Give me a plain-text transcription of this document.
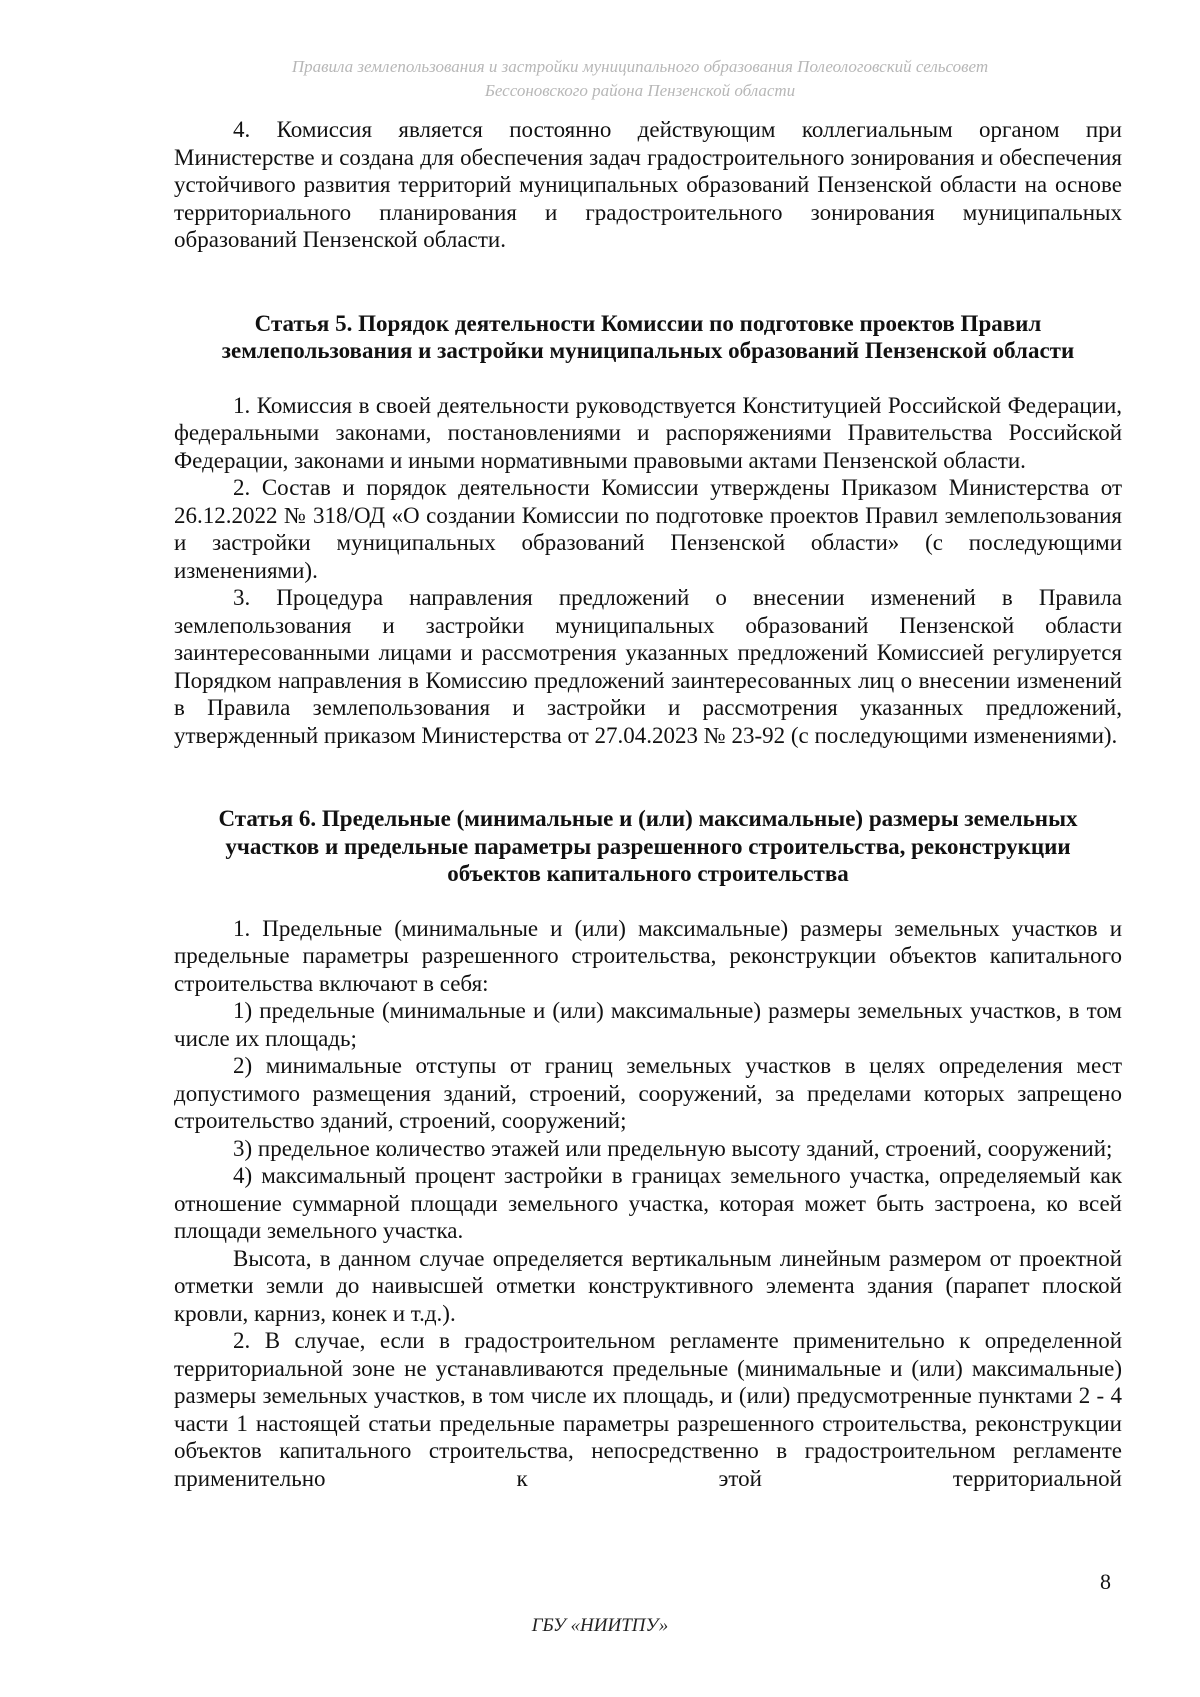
Правила землепользования и застройки муниципального образования Полеологовский сельсовет
Бессоновского района Пензенской области

4. Комиссия является постоянно действующим коллегиальным органом при Министерстве и создана для обеспечения задач градостроительного зонирования и обеспечения устойчивого развития территорий муниципальных образований Пензенской области на основе территориального планирования и градостроительного зонирования муниципальных образований Пензенской области.

Статья 5. Порядок деятельности Комиссии по подготовке проектов Правил
землепользования и застройки муниципальных образований Пензенской области

1. Комиссия в своей деятельности руководствуется Конституцией Российской Федерации, федеральными законами, постановлениями и распоряжениями Правительства Российской Федерации, законами и иными нормативными правовыми актами Пензенской области.

2. Состав и порядок деятельности Комиссии утверждены Приказом Министерства от 26.12.2022 № 318/ОД «О создании Комиссии по подготовке проектов Правил землепользования и застройки муниципальных образований Пензенской области» (с последующими изменениями).

3. Процедура направления предложений о внесении изменений в Правила землепользования и застройки муниципальных образований Пензенской области заинтересованными лицами и рассмотрения указанных предложений Комиссией регулируется Порядком направления в Комиссию предложений заинтересованных лиц о внесении изменений в Правила землепользования и застройки и рассмотрения указанных предложений, утвержденный приказом Министерства от 27.04.2023 № 23-92 (с последующими изменениями).

Статья 6. Предельные (минимальные и (или) максимальные) размеры земельных
участков и предельные параметры разрешенного строительства, реконструкции
объектов капитального строительства

1. Предельные (минимальные и (или) максимальные) размеры земельных участков и предельные параметры разрешенного строительства, реконструкции объектов капитального строительства включают в себя:

1) предельные (минимальные и (или) максимальные) размеры земельных участков, в том числе их площадь;

2) минимальные отступы от границ земельных участков в целях определения мест допустимого размещения зданий, строений, сооружений, за пределами которых запрещено строительство зданий, строений, сооружений;

3) предельное количество этажей или предельную высоту зданий, строений, сооружений;

4) максимальный процент застройки в границах земельного участка, определяемый как отношение суммарной площади земельного участка, которая может быть застроена, ко всей площади земельного участка.

Высота, в данном случае определяется вертикальным линейным размером от проектной отметки земли до наивысшей отметки конструктивного элемента здания (парапет плоской кровли, карниз, конек и т.д.).

2. В случае, если в градостроительном регламенте применительно к определенной территориальной зоне не устанавливаются предельные (минимальные и (или) максимальные) размеры земельных участков, в том числе их площадь, и (или) предусмотренные пунктами 2 - 4 части 1 настоящей статьи предельные параметры разрешенного строительства, реконструкции объектов капитального строительства, непосредственно в градостроительном регламенте применительно к этой территориальной

8
ГБУ «НИИТПУ»
